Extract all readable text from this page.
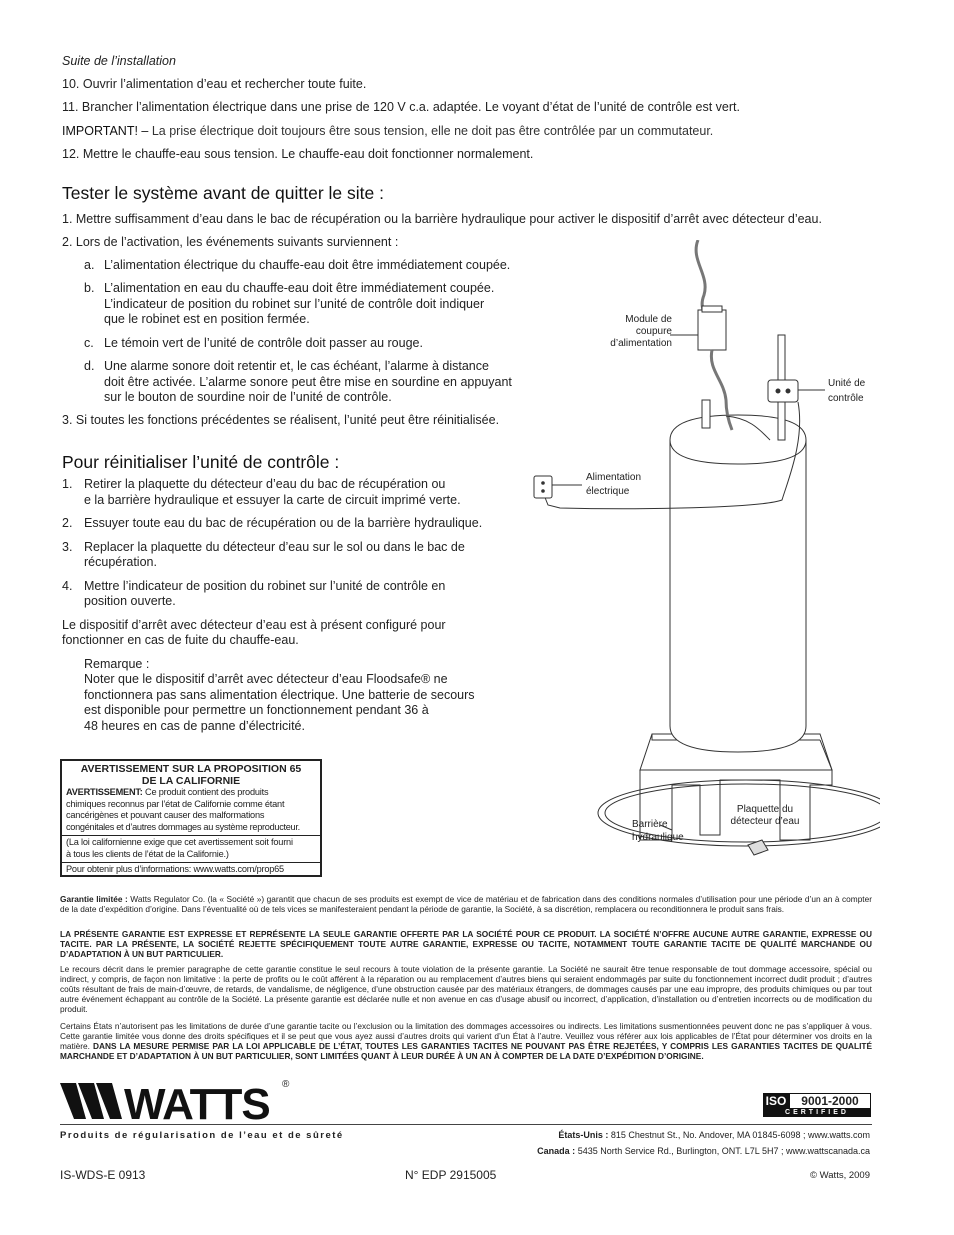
Suite de l’installation
10. Ouvrir l’alimentation d’eau et rechercher toute fuite.
11. Brancher l’alimentation électrique dans une prise de 120 V c.a. adaptée. Le voyant d’état de l’unité de contrôle est vert.
IMPORTANT! – La prise électrique doit toujours être sous tension, elle ne doit pas être contrôlée par un commutateur.
12. Mettre le chauffe-eau sous tension. Le chauffe-eau doit fonctionner normalement.
Tester le système avant de quitter le site :
1. Mettre suffisamment d’eau dans le bac de récupération ou la barrière hydraulique pour activer le dispositif d’arrêt avec détecteur d’eau.
2. Lors de l’activation, les événements suivants surviennent :
a. L’alimentation électrique du chauffe-eau doit être immédiatement coupée.
b. L’alimentation en eau du chauffe-eau doit être immédiatement coupée.
L’indicateur de position du robinet sur l’unité de contrôle doit indiquer
que le robinet est en position fermée.
c. Le témoin vert de l’unité de contrôle doit passer au rouge.
d. Une alarme sonore doit retentir et, le cas échéant, l’alarme à distance
doit être activée. L’alarme sonore peut être mise en sourdine en appuyant
sur le bouton de sourdine noir de l’unité de contrôle.
3. Si toutes les fonctions précédentes se réalisent, l’unité peut être réinitialisée.
Pour réinitialiser l’unité de contrôle :
1. Retirer la plaquette du détecteur d’eau du bac de récupération ou
e la barrière hydraulique et essuyer la carte de circuit imprimé verte.
2. Essuyer toute eau du bac de récupération ou de la barrière hydraulique.
3. Replacer la plaquette du détecteur d’eau sur le sol ou dans le bac de
récupération.
4. Mettre l’indicateur de position du robinet sur l’unité de contrôle en
position ouverte.
Le dispositif d’arrêt avec détecteur d’eau est à présent configuré pour
fonctionner en cas de fuite du chauffe-eau.
Remarque :
Noter que le dispositif d’arrêt avec détecteur d’eau Floodsafe® ne
fonctionnera pas sans alimentation électrique. Une batterie de secours
est disponible pour permettre un fonctionnement pendant 36 à
48 heures en cas de panne d’électricité.
Module de
coupure
d’alimentation
Unité de
contrôle
Alimentation
électrique
Barrière
hydraulique
Plaquette du
détecteur d’eau
AVERTISSEMENT SUR LA PROPOSITION 65
DE LA CALIFORNIE
AVERTISSEMENT: Ce produit contient des produits
chimiques reconnus par l’état de Californie comme étant
cancérigènes et pouvant causer des malformations
congénitales et d’autres dommages au système reproducteur.
(La loi californienne exige que cet avertissement soit fourni
à tous les clients de l’état de la Californie.)
Pour obtenir plus d’informations: www.watts.com/prop65
Garantie limitée : Watts Regulator Co. (la « Société ») garantit que chacun de ses produits est exempt de vice de matériau et de fabrication dans des conditions normales d’utilisation pour une période d’un an à compter de la date d’expédition d’origine. Dans l’éventualité où de tels vices se manifesteraient pendant la période de garantie, la Société, à sa discrétion, remplacera ou reconditionnera le produit sans frais.
LA PRÉSENTE GARANTIE EST EXPRESSE ET REPRÉSENTE LA SEULE GARANTIE OFFERTE PAR LA SOCIÉTÉ POUR CE PRODUIT. LA SOCIÉTÉ N’OFFRE AUCUNE AUTRE GARANTIE, EXPRESSE OU TACITE. PAR LA PRÉSENTE, LA SOCIÉTÉ REJETTE SPÉCIFIQUEMENT TOUTE AUTRE GARANTIE, EXPRESSE OU TACITE, NOTAMMENT TOUTE GARANTIE TACITE DE QUALITÉ MARCHANDE OU D’ADAPTATION À UN BUT PARTICULIER.
Le recours décrit dans le premier paragraphe de cette garantie constitue le seul recours à toute violation de la présente garantie. La Société ne saurait être tenue responsable de tout dommage accessoire, spécial ou indirect, y compris, de façon non limitative : la perte de profits ou le coût afférent à la réparation ou au remplacement d’autres biens qui seraient endommagés par suite du fonctionnement incorrect dudit produit ; d’autres coûts résultant de frais de main-d’œuvre, de retards, de vandalisme, de négligence, d’une obstruction causée par des matériaux étrangers, de dommages causés par une eau impropre, des produits chimiques ou par tout autre événement échappant au contrôle de la Société. La présente garantie est déclarée nulle et non avenue en cas d’usage abusif ou incorrect, d’application, d’installation ou d’entretien incorrects ou de modification du produit.
Certains États n’autorisent pas les limitations de durée d’une garantie tacite ou l’exclusion ou la limitation des dommages accessoires ou indirects. Les limitations susmentionnées peuvent donc ne pas s’appliquer à vous. Cette garantie limitée vous donne des droits spécifiques et il se peut que vous ayez aussi d’autres droits qui varient d’un État à l’autre. Veuillez vous référer aux lois applicables de l’État pour déterminer vos droits en la matière. DANS LA MESURE PERMISE PAR LA LOI APPLICABLE DE L’ÉTAT, TOUTES LES GARANTIES TACITES NE POUVANT PAS ÊTRE REJETÉES, Y COMPRIS LES GARANTIES TACITES DE QUALITÉ MARCHANDE ET D’ADAPTATION À UN BUT PARTICULIER, SONT LIMITÉES QUANT À LEUR DURÉE À UN AN À COMPTER DE LA DATE D’EXPÉDITION D’ORIGINE.
WATTS ®
ISO	9001-2000
CERTIFIED
Produits de régularisation de l’eau et de sûreté	États-Unis : 815 Chestnut St., No. Andover, MA 01845-6098 ; www.watts.com
Canada : 5435 North Service Rd., Burlington, ONT. L7L 5H7 ; www.wattscanada.ca
IS-WDS-E 0913	N° EDP 2915005	© Watts, 2009
